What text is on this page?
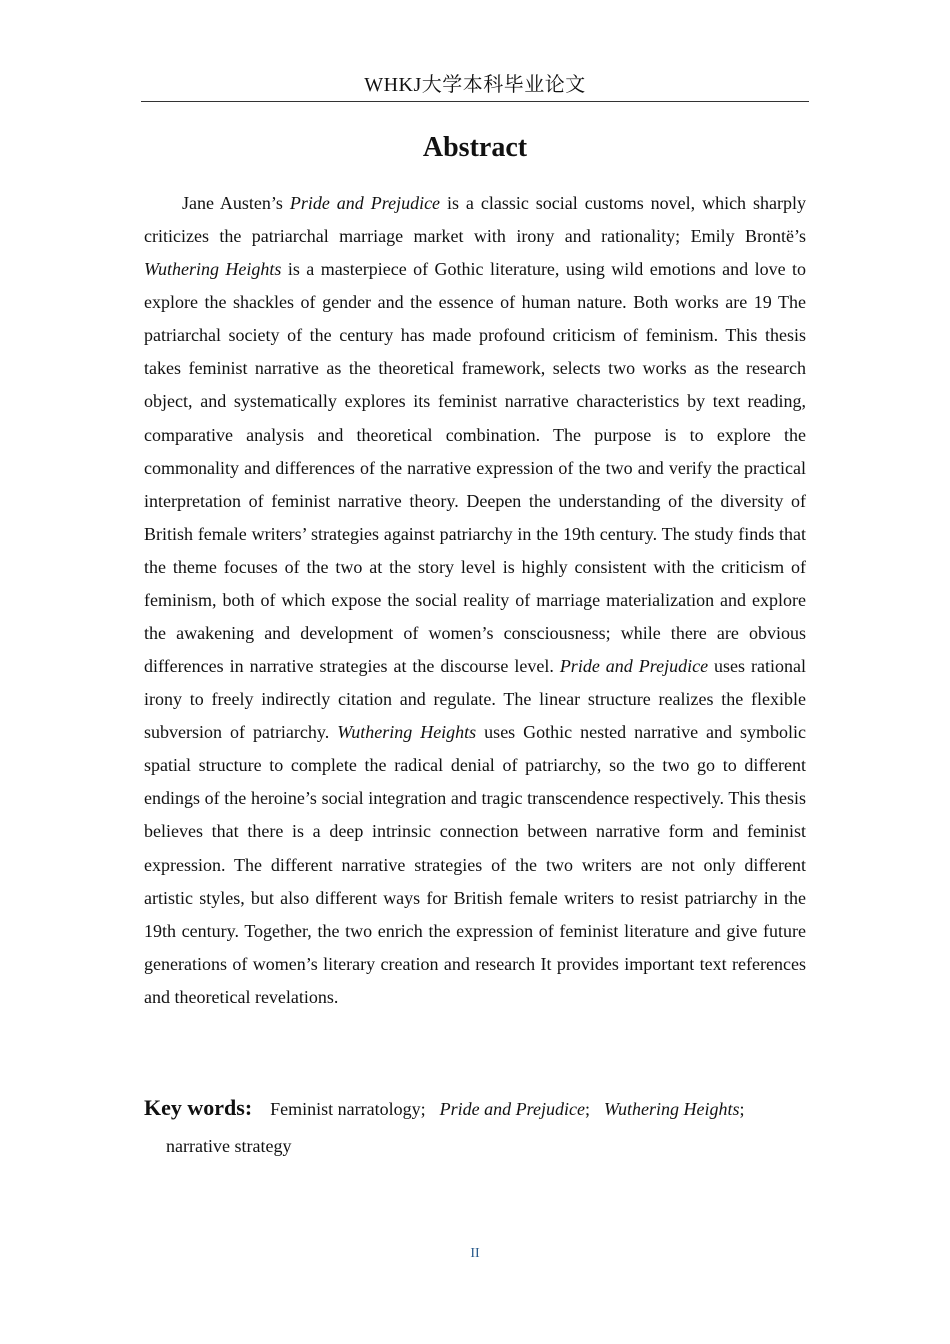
WHKJ大学本科毕业论文
Abstract

Jane Austen’s Pride and Prejudice is a classic social customs novel, which sharply criticizes the patriarchal marriage market with irony and rationality; Emily Brontë’s Wuthering Heights is a masterpiece of Gothic literature, using wild emotions and love to explore the shackles of gender and the essence of human nature. Both works are 19 The patriarchal society of the century has made profound criticism of feminism. This thesis takes feminist narrative as the theoretical framework, selects two works as the research object, and systematically explores its feminist narrative characteristics by text reading, comparative analysis and theoretical combination. The purpose is to explore the commonality and differences of the narrative expression of the two and verify the practical interpretation of feminist narrative theory. Deepen the understanding of the diversity of British female writers’ strategies against patriarchy in the 19th century. The study finds that the theme focuses of the two at the story level is highly consistent with the criticism of feminism, both of which expose the social reality of marriage materialization and explore the awakening and development of women’s consciousness; while there are obvious differences in narrative strategies at the discourse level. Pride and Prejudice uses rational irony to freely indirectly citation and regulate. The linear structure realizes the flexible subversion of patriarchy. Wuthering Heights uses Gothic nested narrative and symbolic spatial structure to complete the radical denial of patriarchy, so the two go to different endings of the heroine’s social integration and tragic transcendence respectively. This thesis believes that there is a deep intrinsic connection between narrative form and feminist expression. The different narrative strategies of the two writers are not only different artistic styles, but also different ways for British female writers to resist patriarchy in the 19th century. Together, the two enrich the expression of feminist literature and give future generations of women’s literary creation and research It provides important text references and theoretical revelations.

Key words: Feminist narratology; Pride and Prejudice; Wuthering Heights;
narrative strategy
II
